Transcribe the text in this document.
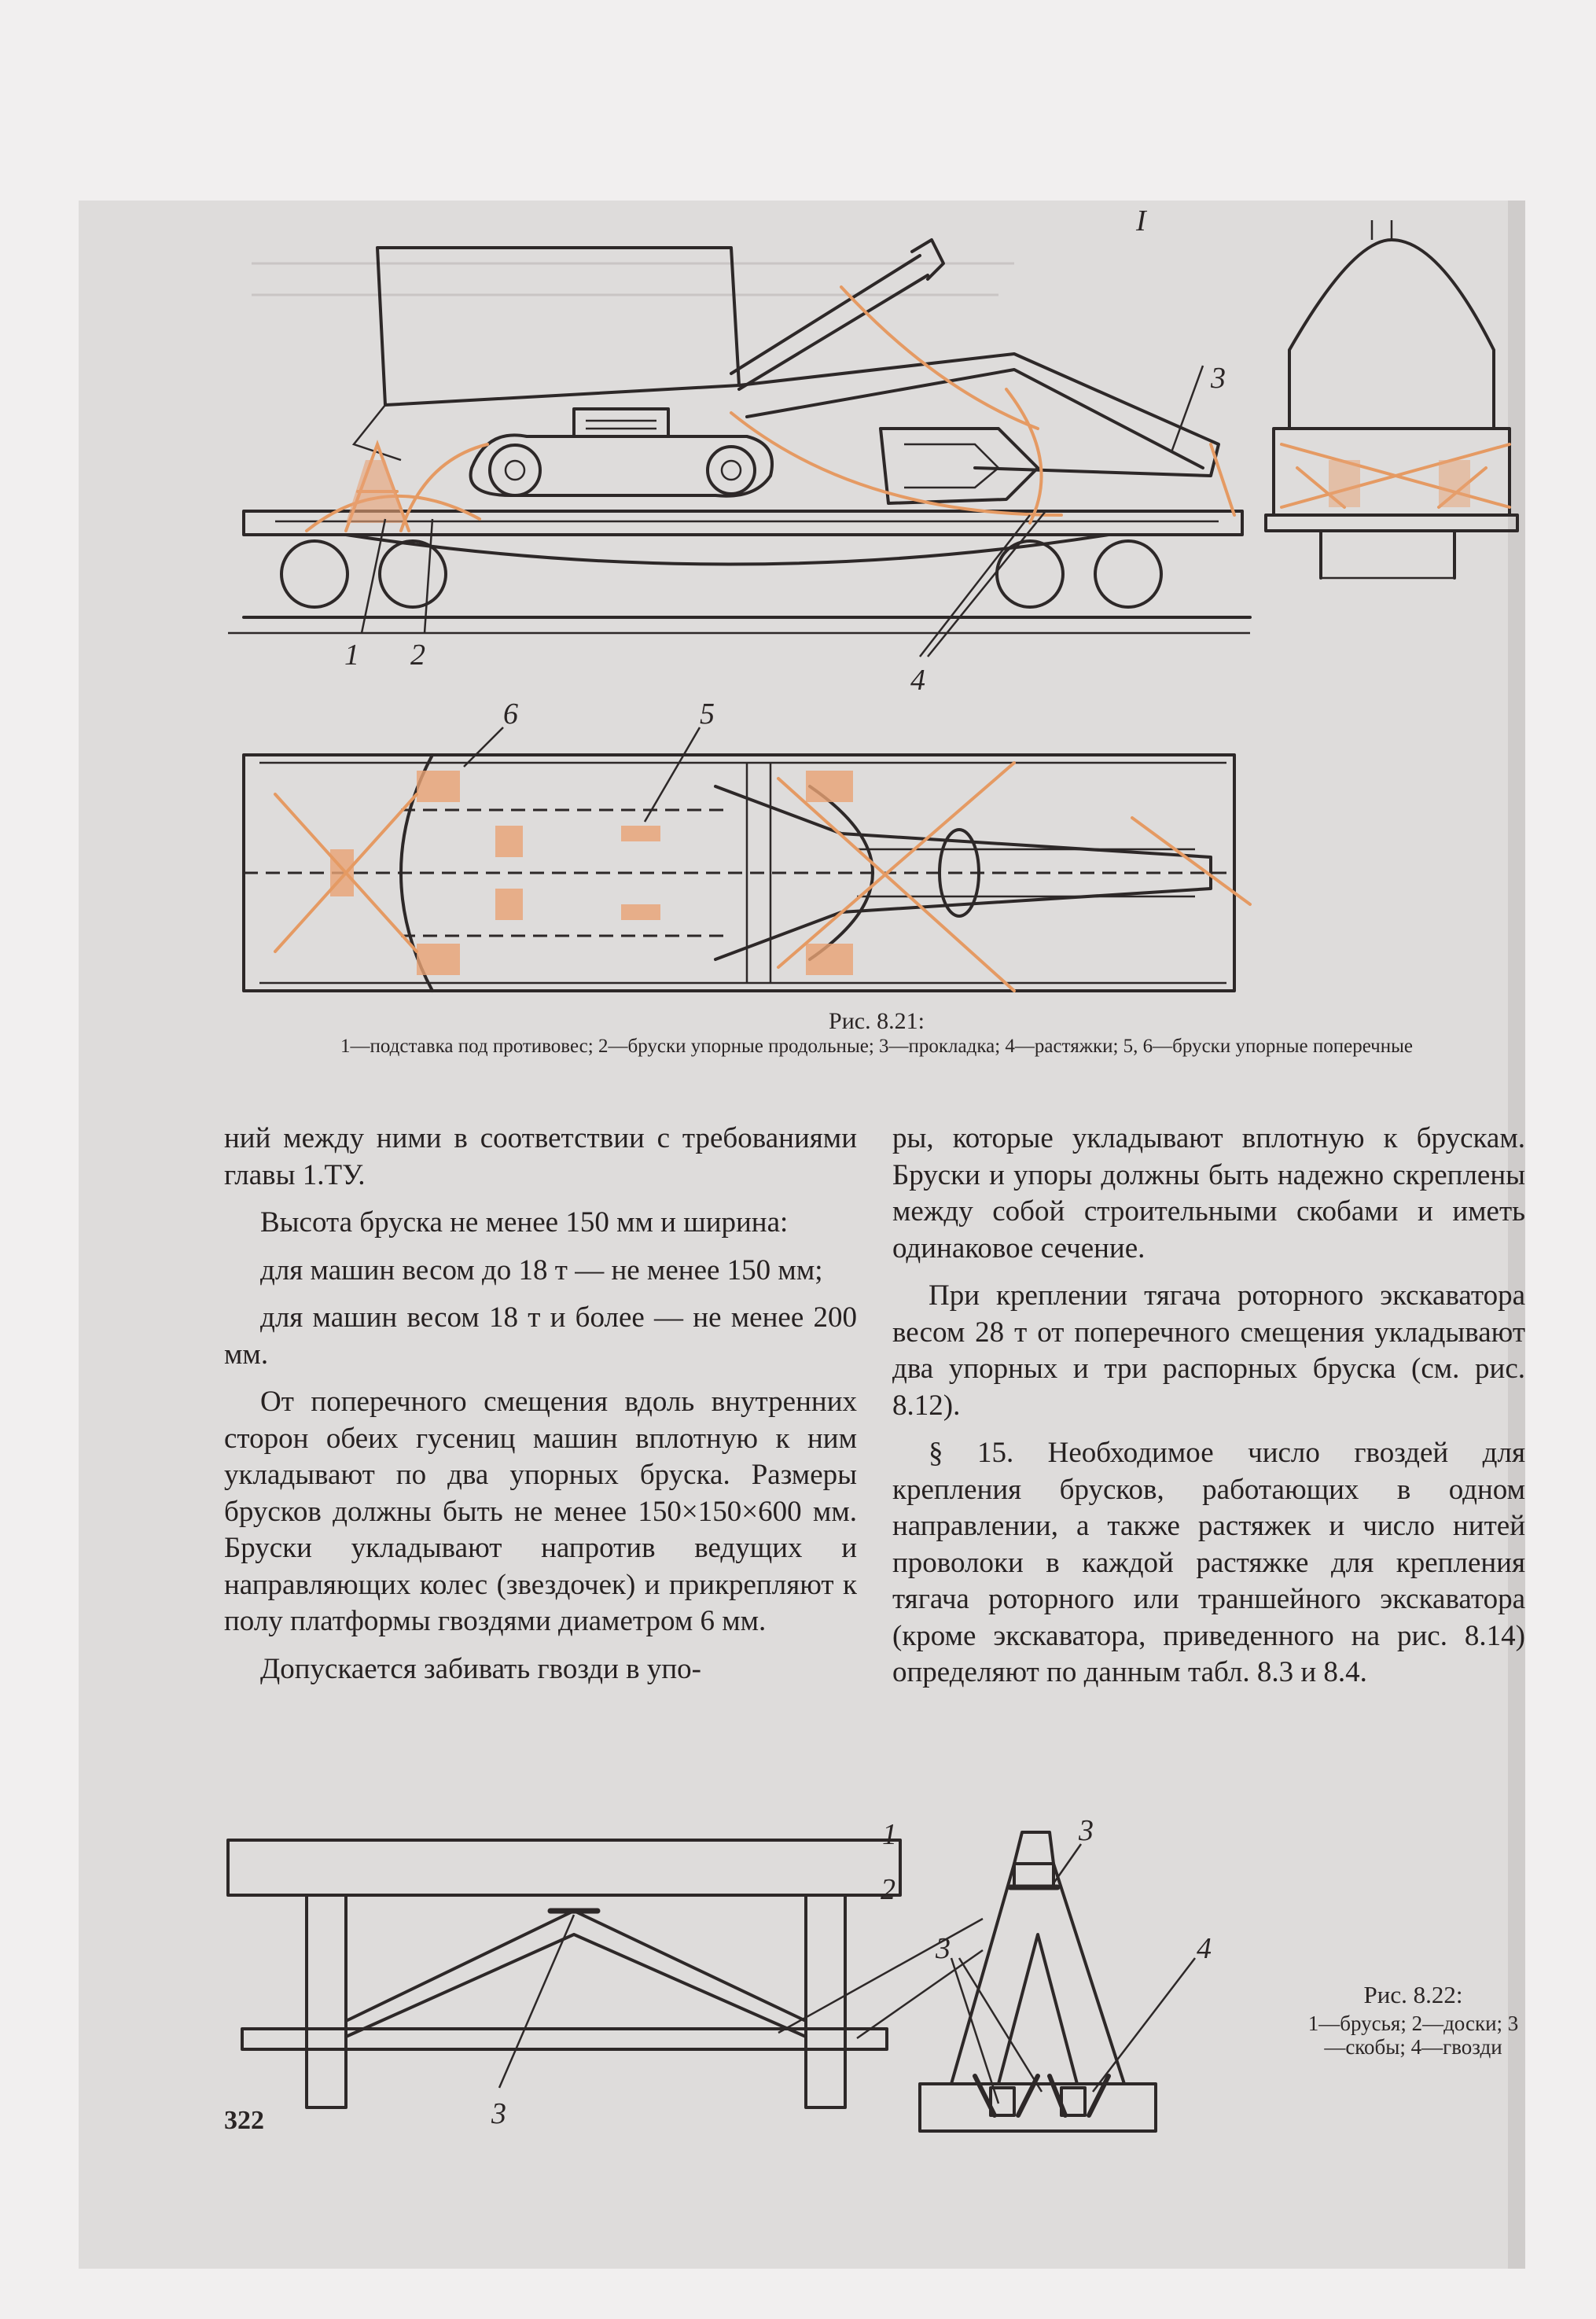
1 2
4
3
I
6	5
Рис. 8.21:
1—подставка под противовес; 2—бруски упорные продольные; 3—прокладка; 4—растяжки; 5, 6—бруски упорные поперечные

ний между ними в соответствии с требованиями главы 1.ТУ.

Высота бруска не менее 150 мм и ширина:

для машин весом до 18 т — не менее 150 мм;

для машин весом 18 т и более — не менее 200 мм.

От поперечного смещения вдоль внутренних сторон обеих гусениц машин вплотную к ним укладывают по два упорных бруска. Размеры брусков должны быть не менее 150×150×600 мм. Бруски укладывают напротив ведущих и направляющих колес (звездочек) и прикрепляют к полу платформы гвоздями диаметром 6 мм.

Допускается забивать гвозди в упо-

ры, которые укладывают вплотную к брускам. Бруски и упоры должны быть надежно скреплены между собой строительными скобами и иметь одинаковое сечение.

При креплении тягача роторного экскаватора весом 28 т от поперечного смещения укладывают два упорных и три распорных бруска (см. рис. 8.12).

§ 15. Необходимое число гвоздей для крепления брусков, работающих в одном направлении, а также растяжек и число нитей проволоки в каждой растяжке для крепления тягача роторного или траншейного экскаватора (кроме экскаватора, приведенного на рис. 8.14) определяют по данным табл. 8.3 и 8.4.

3
3
3	4
1
2
Рис. 8.22:
1—брусья; 2—доски; 3—скобы; 4—гвозди
322
